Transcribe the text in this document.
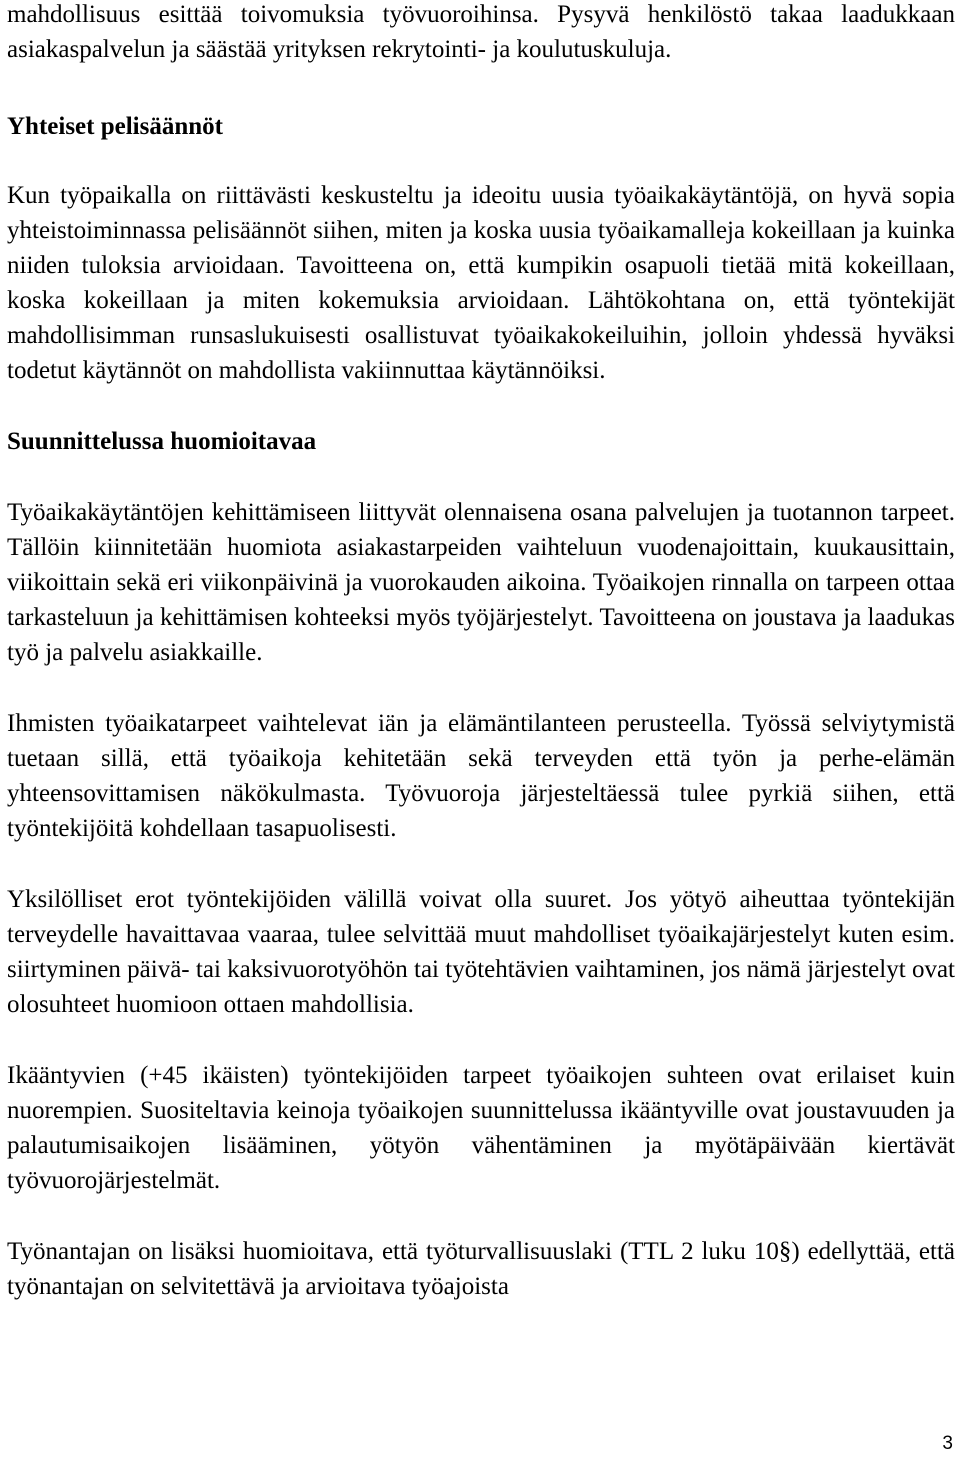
mahdollisuus esittää toivomuksia työvuoroihinsa. Pysyvä henkilöstö takaa laadukkaan asiakaspalvelun ja säästää yrityksen rekrytointi- ja koulutuskuluja.

Yhteiset pelisäännöt

Kun työpaikalla on riittävästi keskusteltu ja ideoitu uusia työaikakäytäntöjä, on hyvä sopia yhteistoiminnassa pelisäännöt siihen, miten ja koska uusia työaikamalleja kokeillaan ja kuinka niiden tuloksia arvioidaan. Tavoitteena on, että kumpikin osapuoli tietää mitä kokeillaan, koska kokeillaan ja miten kokemuksia arvioidaan. Lähtökohtana on, että työntekijät mahdollisimman runsaslukuisesti osallistuvat työaikakokeiluihin, jolloin yhdessä hyväksi todetut käytännöt on mahdollista vakiinnuttaa käytännöiksi.

Suunnittelussa huomioitavaa

Työaikakäytäntöjen kehittämiseen liittyvät olennaisena osana palvelujen ja tuotannon tarpeet. Tällöin kiinnitetään huomiota asiakastarpeiden vaihteluun vuodenajoittain, kuukausittain, viikoittain sekä eri viikonpäivinä ja vuorokauden aikoina. Työaikojen rinnalla on tarpeen ottaa tarkasteluun ja kehittämisen kohteeksi myös työjärjestelyt. Tavoitteena on joustava ja laadukas työ ja palvelu asiakkaille.

Ihmisten työaikatarpeet vaihtelevat iän ja elämäntilanteen perusteella. Työssä selviytymistä tuetaan sillä, että työaikoja kehitetään sekä terveyden että työn ja perhe-elämän yhteensovittamisen näkökulmasta. Työvuoroja järjesteltäessä tulee pyrkiä siihen, että työntekijöitä kohdellaan tasapuolisesti.

Yksilölliset erot työntekijöiden välillä voivat olla suuret. Jos yötyö aiheuttaa työntekijän terveydelle havaittavaa vaaraa, tulee selvittää muut mahdolliset työaikajärjestelyt kuten esim. siirtyminen päivä- tai kaksivuorotyöhön tai työtehtävien vaihtaminen, jos nämä järjestelyt ovat olosuhteet huomioon ottaen mahdollisia.

Ikääntyvien (+45 ikäisten) työntekijöiden tarpeet työaikojen suhteen ovat erilaiset kuin nuorempien. Suositeltavia keinoja työaikojen suunnittelussa ikääntyville ovat joustavuuden ja palautumisaikojen lisääminen, yötyön vähentäminen ja myötäpäivään kiertävät työvuorojärjestelmät.

Työnantajan on lisäksi huomioitava, että työturvallisuuslaki (TTL 2 luku 10§) edellyttää, että työnantajan on selvitettävä ja arvioitava työajoista

3
